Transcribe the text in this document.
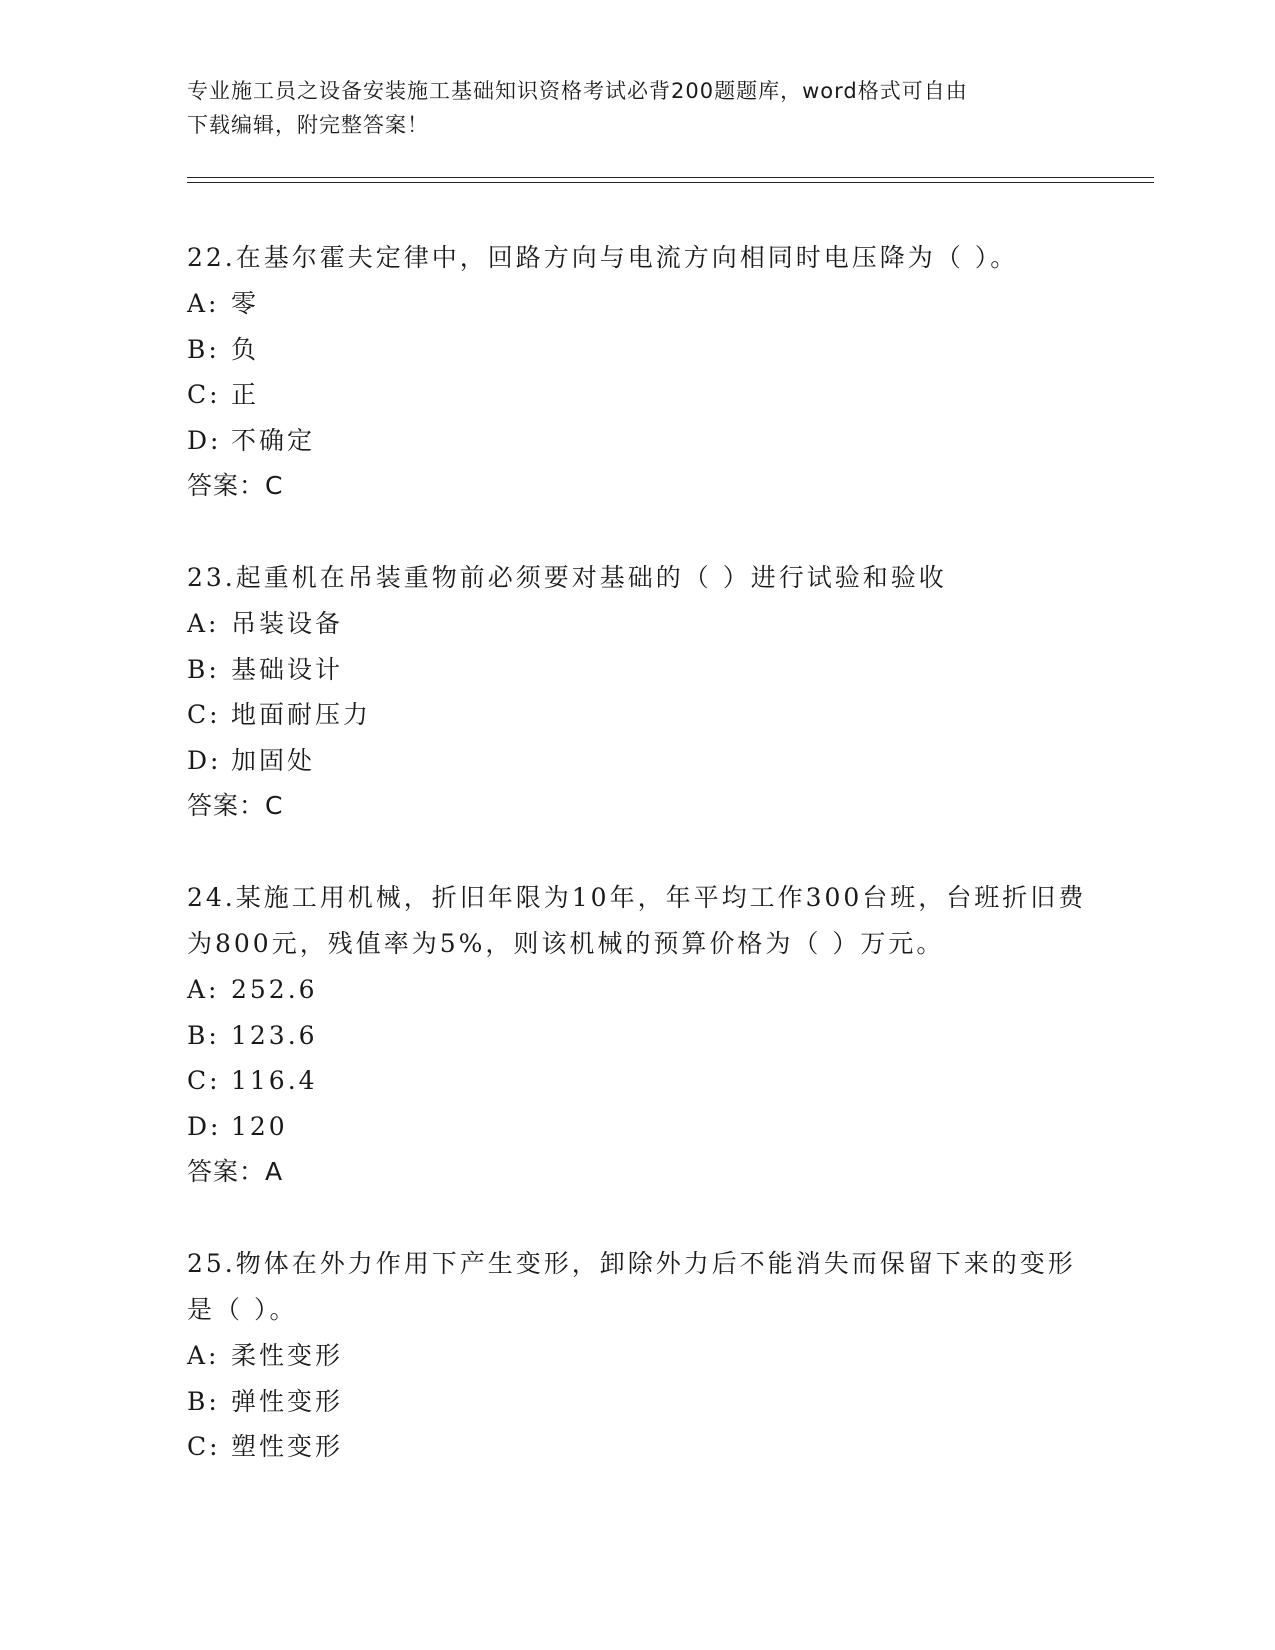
专业施工员之设备安装施工基础知识资格考试必背200题题库，word格式可自由
下载编辑，附完整答案！
22.在基尔霍夫定律中，回路方向与电流方向相同时电压降为（ ）。
A: 零
B: 负
C: 正
D: 不确定
答案：C
23.起重机在吊装重物前必须要对基础的（ ）进行试验和验收
A: 吊装设备
B: 基础设计
C: 地面耐压力
D: 加固处
答案：C
24.某施工用机械，折旧年限为10年，年平均工作300台班，台班折旧费为800元，残值率为5%，则该机械的预算价格为（ ）万元。
A: 252.6
B: 123.6
C: 116.4
D: 120
答案：A
25.物体在外力作用下产生变形，卸除外力后不能消失而保留下来的变形是（ ）。
A: 柔性变形
B: 弹性变形
C: 塑性变形
